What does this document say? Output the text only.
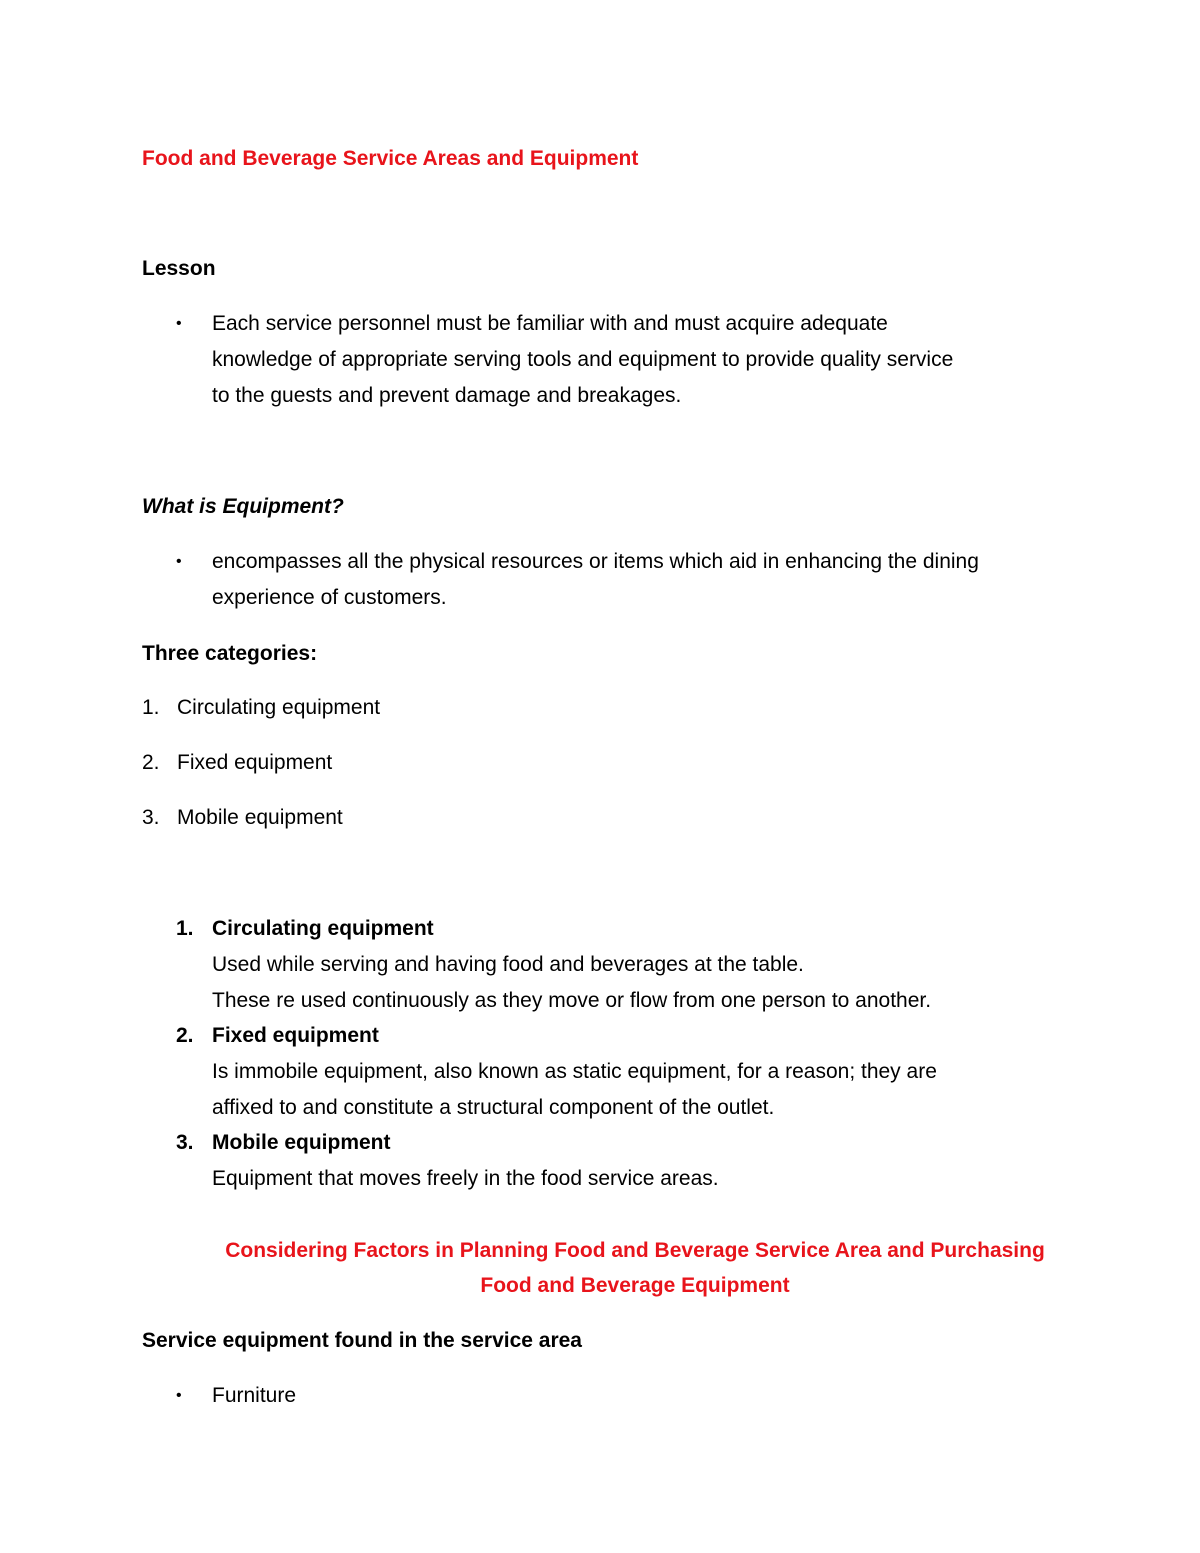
Food and Beverage Service Areas and Equipment
Lesson
• Each service personnel must be familiar with and must acquire adequate
knowledge of appropriate serving tools and equipment to provide quality service
to the guests and prevent damage and breakages.
What is Equipment?
• encompasses all the physical resources or items which aid in enhancing the dining
experience of customers.
Three categories:
1. Circulating equipment
2. Fixed equipment
3. Mobile equipment
1. Circulating equipment
Used while serving and having food and beverages at the table.
These re used continuously as they move or flow from one person to another.
2. Fixed equipment
Is immobile equipment, also known as static equipment, for a reason; they are
affixed to and constitute a structural component of the outlet.
3. Mobile equipment
Equipment that moves freely in the food service areas.
Considering Factors in Planning Food and Beverage Service Area and Purchasing
Food and Beverage Equipment
Service equipment found in the service area
• Furniture
